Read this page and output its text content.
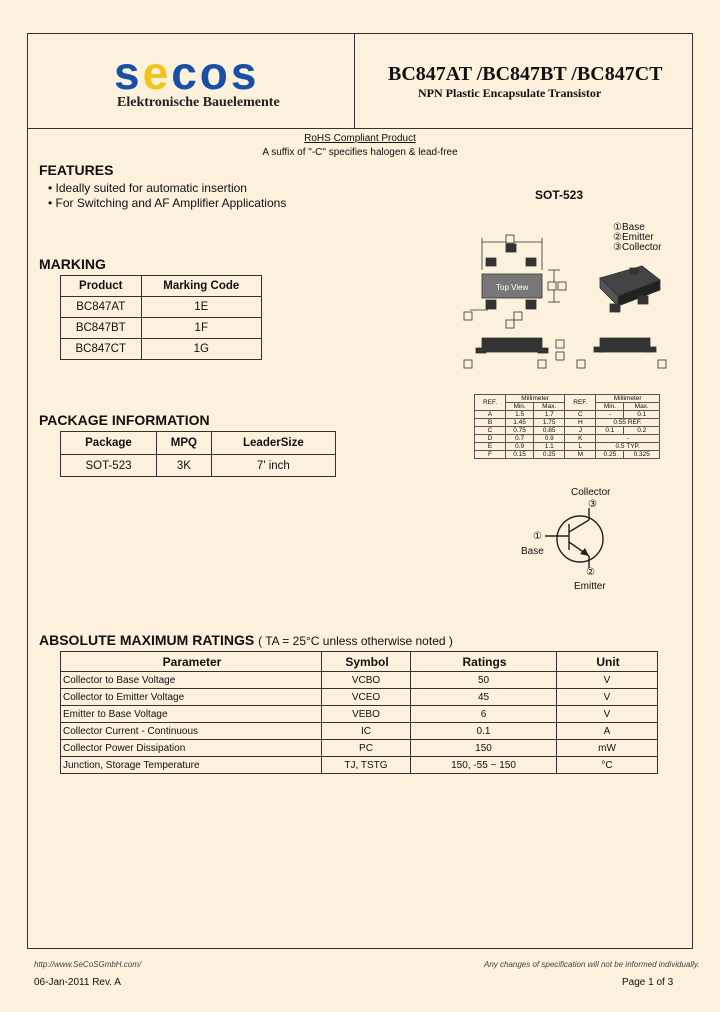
secos
Elektronische Bauelemente
BC847AT /BC847BT /BC847CT
NPN Plastic Encapsulate Transistor
RoHS Compliant Product
A suffix of "-C" specifies halogen & lead-free
FEATURES
• Ideally suited for automatic insertion
• For Switching and AF Amplifier Applications
SOT-523
①Base
②Emitter
③Collector
Top View
MARKING
Product	Marking Code
BC847AT	1E
BC847BT	1F
BC847CT	1G
PACKAGE INFORMATION
Package	MPQ	LeaderSize
SOT-523	3K	7' inch
REF.	Millimeter		REF.	Millimeter	
	Min.	Max.		Min.	Max.
A	1.5	1.7	C	-	0.1
B	1.45	1.75	H	0.55 REF.	
C	0.75	0.85	J	0.1	0.2
D	0.7	0.9	K	-	
E	0.9	1.1	L	0.5 TYP.	
F	0.15	0.25	M	0.25	0.325
Collector
③
①
Base
②
Emitter
ABSOLUTE MAXIMUM RATINGS ( TA = 25°C unless otherwise noted )
Parameter	Symbol	Ratings	Unit
Collector to Base Voltage	VCBO	50	V
Collector to Emitter Voltage	VCEO	45	V
Emitter to Base Voltage	VEBO	6	V
Collector Current - Continuous	IC	0.1	A
Collector Power Dissipation	PC	150	mW
Junction, Storage Temperature	TJ, TSTG	150, -55 ~ 150	°C
http://www.SeCoSGmbH.com/	Any changes of specification will not be informed individually.
06-Jan-2011 Rev. A	Page 1 of 3
